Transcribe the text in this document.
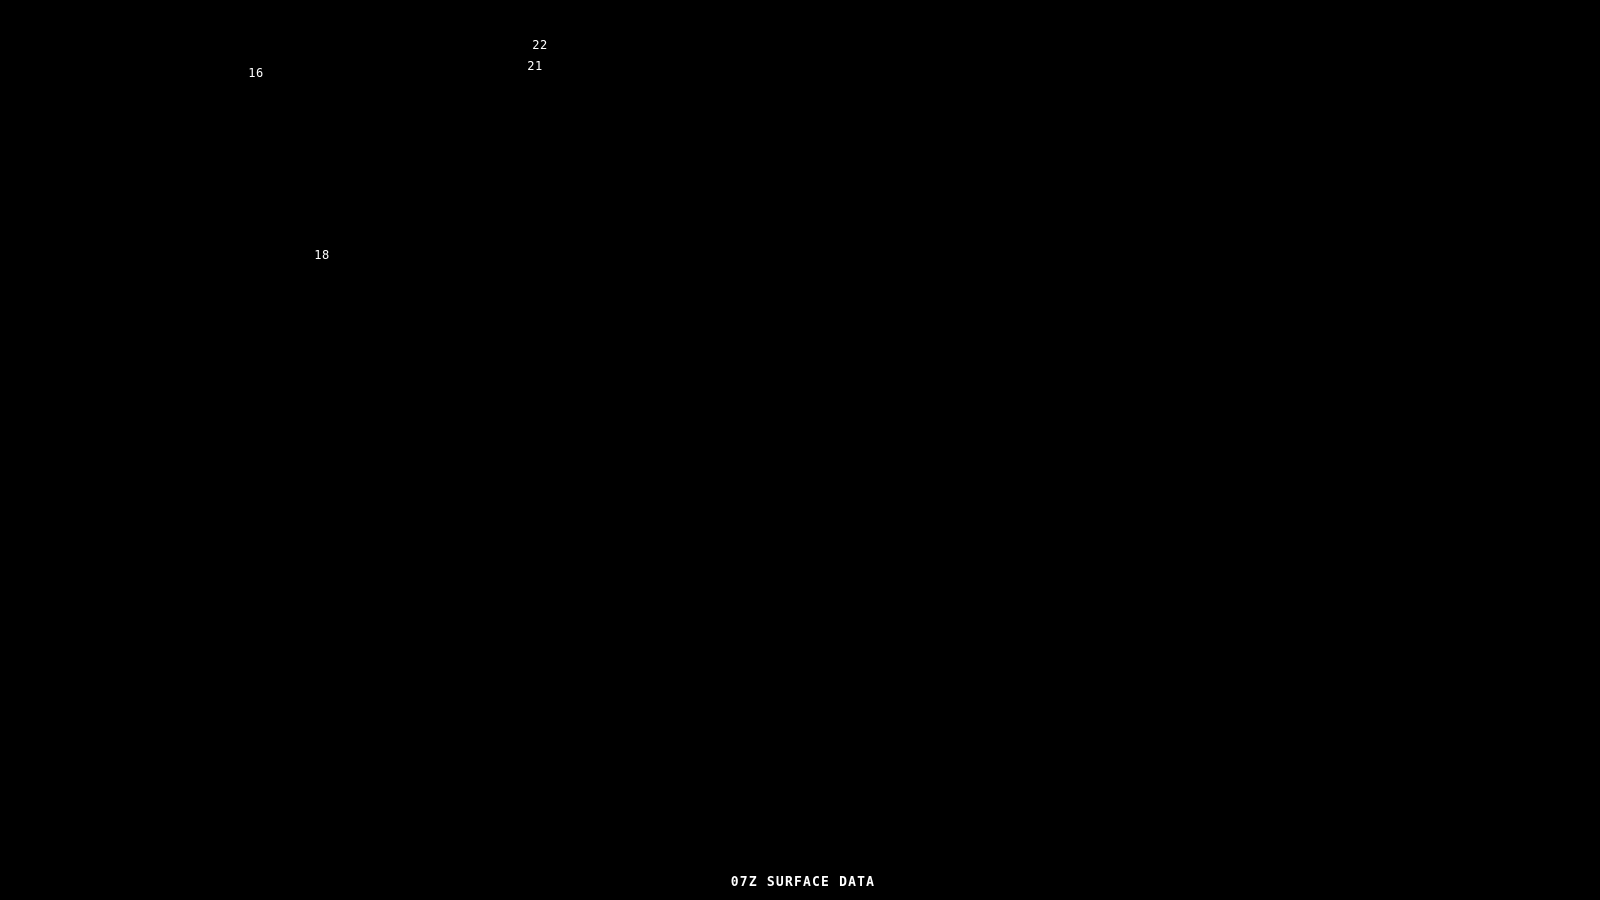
22
21
16
18
07Z SURFACE DATA
